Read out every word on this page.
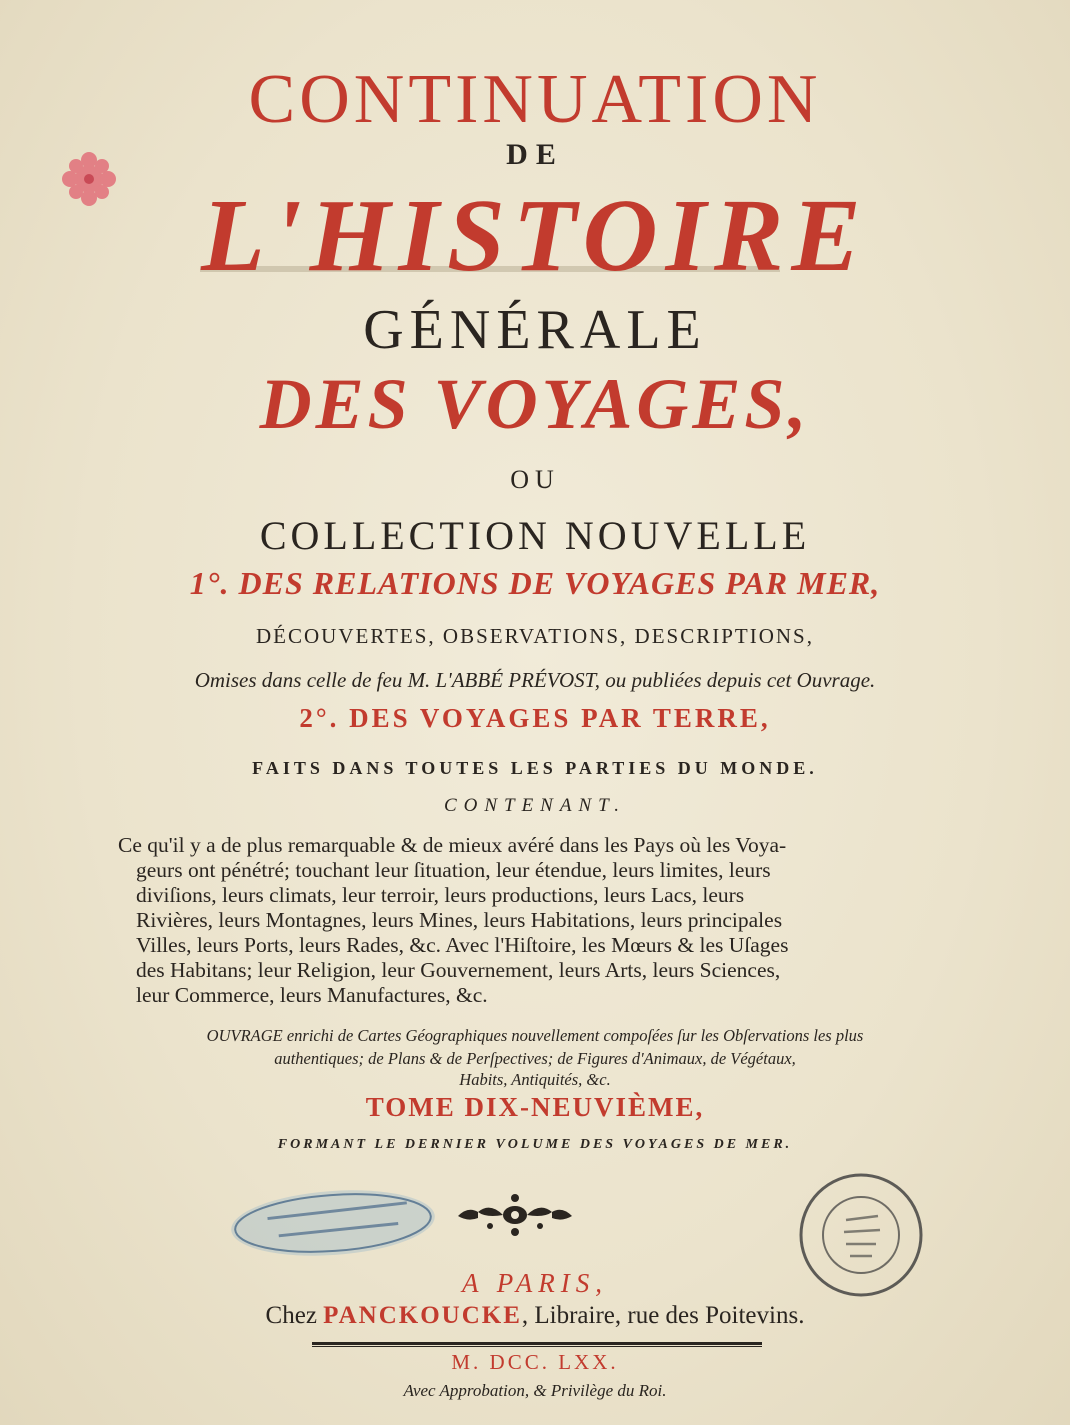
CONTINUATION
DE
L'HISTOIRE
GÉNÉRALE
DES VOYAGES,
OU
COLLECTION NOUVELLE
1°. DES RELATIONS DE VOYAGES PAR MER,
DÉCOUVERTES, OBSERVATIONS, DESCRIPTIONS,
Omises dans celle de feu M. L'ABBÉ PRÉVOST, ou publiées depuis cet Ouvrage.
2°. DES VOYAGES PAR TERRE,
FAITS DANS TOUTES LES PARTIES DU MONDE.
CONTENANT.
Ce qu'il y a de plus remarquable & de mieux avéré dans les Pays où les Voya-
geurs ont pénétré; touchant leur ſituation, leur étendue, leurs limites, leurs
diviſions, leurs climats, leur terroir, leurs productions, leurs Lacs, leurs
Rivières, leurs Montagnes, leurs Mines, leurs Habitations, leurs principales
Villes, leurs Ports, leurs Rades, &c. Avec l'Hiſtoire, les Mœurs & les Uſages
des Habitans; leur Religion, leur Gouvernement, leurs Arts, leurs Sciences,
leur Commerce, leurs Manufactures, &c.
OUVRAGE enrichi de Cartes Géographiques nouvellement compoſées ſur les Obſervations les plus
authentiques; de Plans & de Perſpectives; de Figures d'Animaux, de Végétaux,
Habits, Antiquités, &c.
TOME DIX-NEUVIÈME,
FORMANT LE DERNIER VOLUME DES VOYAGES DE MER.
A PARIS,
Chez PANCKOUCKE, Libraire, rue des Poitevins.
M. DCC. LXX.
Avec Approbation, & Privilège du Roi.
